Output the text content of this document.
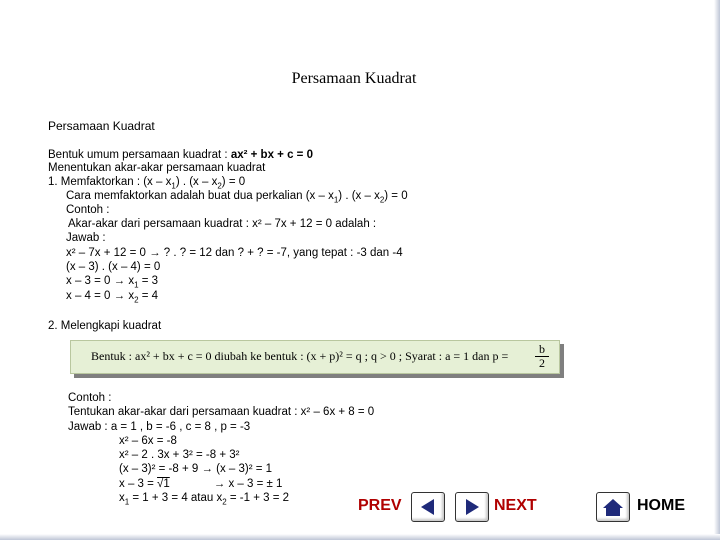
Persamaan Kuadrat
Persamaan Kuadrat
Bentuk umum persamaan kuadrat : ax² + bx + c = 0
Menentukan akar-akar persamaan kuadrat
1. Memfaktorkan : $(x - x_1)$ . $(x - x_2) = 0$
Cara memfaktorkan adalah buat dua perkalian $(x - x_1)$ . $(x - x_2) = 0$
Contoh :
Akar-akar dari persamaan kuadrat : x² – 7x + 12 = 0 adalah :
Jawab :
x² – 7x + 12 = 0 → ? . ? = 12 dan ? + ? = -7, yang tepat : -3 dan -4
(x – 3) . (x – 4) = 0
$x - 3 = 0 \to x_1 = 3$
$x - 4 = 0 \to x_2 = 4$
2. Melengkapi kuadrat
Bentuk : ax² + bx + c = 0 diubah ke bentuk : (x + p)² = q ; q > 0 ; Syarat : a = 1 dan $p = \frac{b}{2}$
Contoh :
Tentukan akar-akar dari persamaan kuadrat : x² – 6x + 8 = 0
Jawab : a = 1 , b = -6 , c = 8 , p = -3
x² – 6x = -8
x² – 2 . 3x + 3² = -8 + 3²
(x – 3)² = -8 + 9 → (x – 3)² = 1
x – 3 = √1	→ x – 3 = ± 1
$x_1 = 1 + 3 = 4$ atau $x_2 = -1 + 3 = 2$	PREV	NEXT	HOME
